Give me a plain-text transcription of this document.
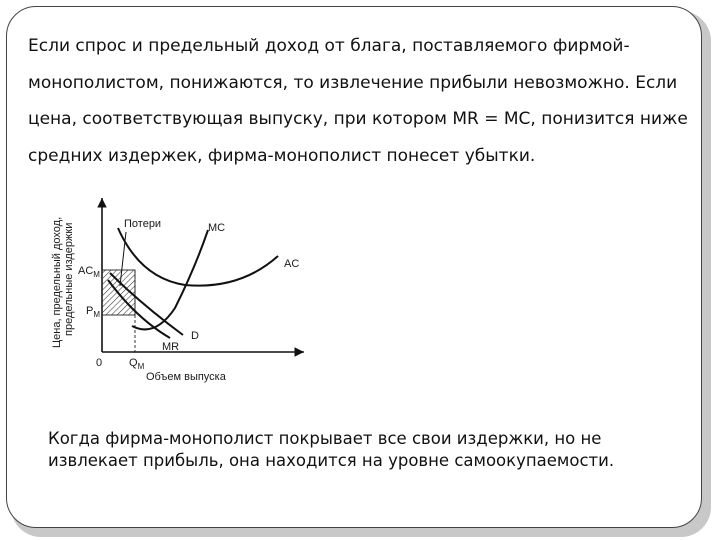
Если спрос и предельный доход от блага, поставляемого фирмой-монополистом, понижаются, то извлечение прибыли невозможно. Если цена, соответствующая выпуску, при котором MR = MC, понизится ниже средних издержек, фирма-монополист понесет убытки.
Цена, предельный доход, предельные издержки	Потери	MC
AC
D
MR
$AC_M$
$P_M$
0 $Q_M$
Объем выпуска
Когда фирма-монополист покрывает все свои издержки, но не извлекает прибыль, она находится на уровне самоокупаемости.
